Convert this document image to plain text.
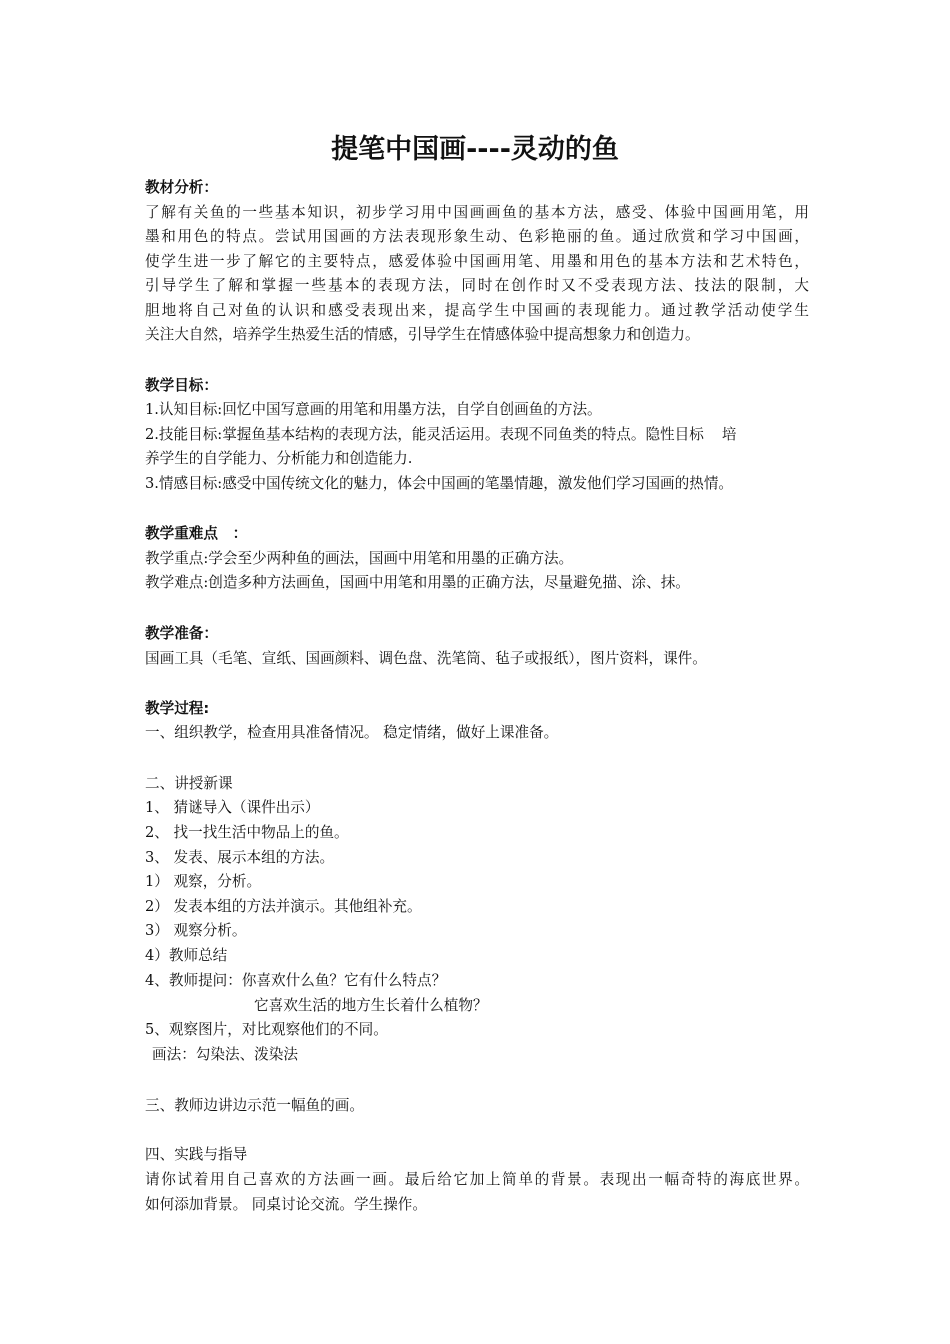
提笔中国画----灵动的鱼
教材分析：
了解有关鱼的一些基本知识，初步学习用中国画画鱼的基本方法，感受、体验中国画用笔，用
墨和用色的特点。尝试用国画的方法表现形象生动、色彩艳丽的鱼。通过欣赏和学习中国画，
使学生进一步了解它的主要特点，感爱体验中国画用笔、用墨和用色的基本方法和艺术特色，
引导学生了解和掌握一些基本的表现方法，同时在创作时又不受表现方法、技法的限制，大
胆地将自己对鱼的认识和感受表现出来，提高学生中国画的表现能力。通过教学活动使学生
关注大自然，培养学生热爱生活的情感，引导学生在情感体验中提高想象力和创造力。
教学目标：
1.认知目标:回忆中国写意画的用笔和用墨方法，自学自创画鱼的方法。
2.技能目标:掌握鱼基本结构的表现方法，能灵活运用。表现不同鱼类的特点。隐性目标 培
养学生的自学能力、分析能力和创造能力.
3.情感目标:感受中国传统文化的魅力，体会中国画的笔墨情趣，激发他们学习国画的热情。
教学重难点　：
教学重点:学会至少两种鱼的画法，国画中用笔和用墨的正确方法。
教学难点:创造多种方法画鱼，国画中用笔和用墨的正确方法，尽量避免描、涂、抹。
教学准备：
国画工具（毛笔、宣纸、国画颜料、调色盘、洗笔筒、毡子或报纸），图片资料，课件。
教学过程:
一、组织教学，检查用具准备情况。 稳定情绪，做好上课准备。
二、讲授新课
1、 猜谜导入（课件出示）
2、 找一找生活中物品上的鱼。
3、 发表、展示本组的方法。
1） 观察，分析。
2） 发表本组的方法并演示。其他组补充。
3） 观察分析。
4）教师总结
4、教师提问：你喜欢什么鱼？它有什么特点？
它喜欢生活的地方生长着什么植物？
5、观察图片，对比观察他们的不同。
画法：勾染法、泼染法
三、教师边讲边示范一幅鱼的画。
四、实践与指导
请你试着用自己喜欢的方法画一画。最后给它加上简单的背景。表现出一幅奇特的海底世界。
如何添加背景。 同桌讨论交流。学生操作。
